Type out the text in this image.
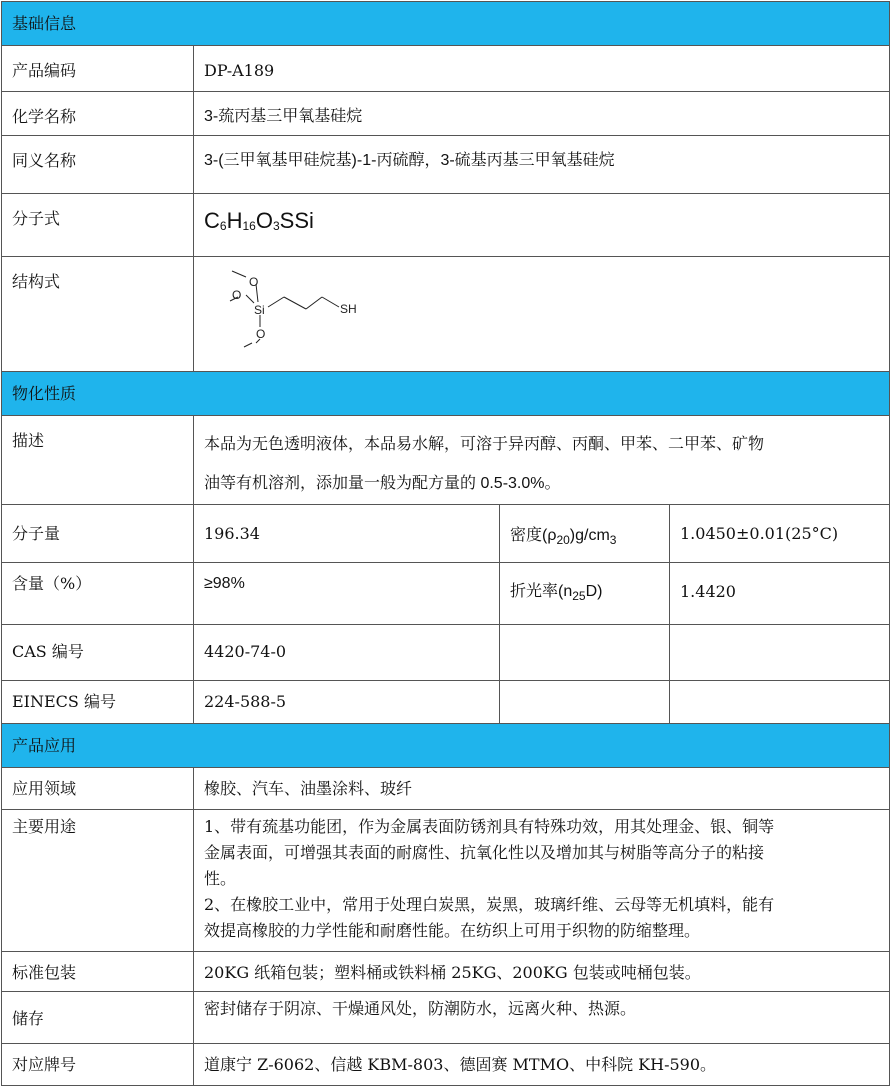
基础信息			
产品编码	DP-A189		
化学名称	3-巯丙基三甲氧基硅烷		
同义名称	3-(三甲氧基甲硅烷基)-1-丙硫醇，3-硫基丙基三甲氧基硅烷		
分子式	$C_6H_{16}O_3SSi$		
结构式	O
O
Si
O
SH		

物化性质			
描述	本品为无色透明液体，本品易水解，可溶于异丙醇、丙酮、甲苯、二甲苯、矿物
油等有机溶剂，添加量一般为配方量的 0.5-3.0%。		

分子量	196.34	密度$(\rho_{20})g/cm_3$	1.0450±0.01(25°C)
含量（%）	≥98%	折光率$(n_{25}D)$	1.4420
CAS 编号	4420-74-0		
EINECS 编号	224-588-5		
产品应用			
应用领域	橡胶、汽车、油墨涂料、玻纤		
主要用途	1、带有巯基功能团，作为金属表面防锈剂具有特殊功效，用其处理金、银、铜等
金属表面，可增强其表面的耐腐性、抗氧化性以及增加其与树脂等高分子的粘接
性。
2、在橡胶工业中，常用于处理白炭黑，炭黑，玻璃纤维、云母等无机填料，能有
效提高橡胶的力学性能和耐磨性能。在纺织上可用于织物的防缩整理。		

标准包装	20KG 纸箱包装；塑料桶或铁料桶 25KG、200KG 包装或吨桶包装。		
储存	密封储存于阴凉、干燥通风处，防潮防水，远离火种、热源。		
对应牌号	道康宁 Z-6062、信越 KBM-803、德固赛 MTMO、中科院 KH-590。		
